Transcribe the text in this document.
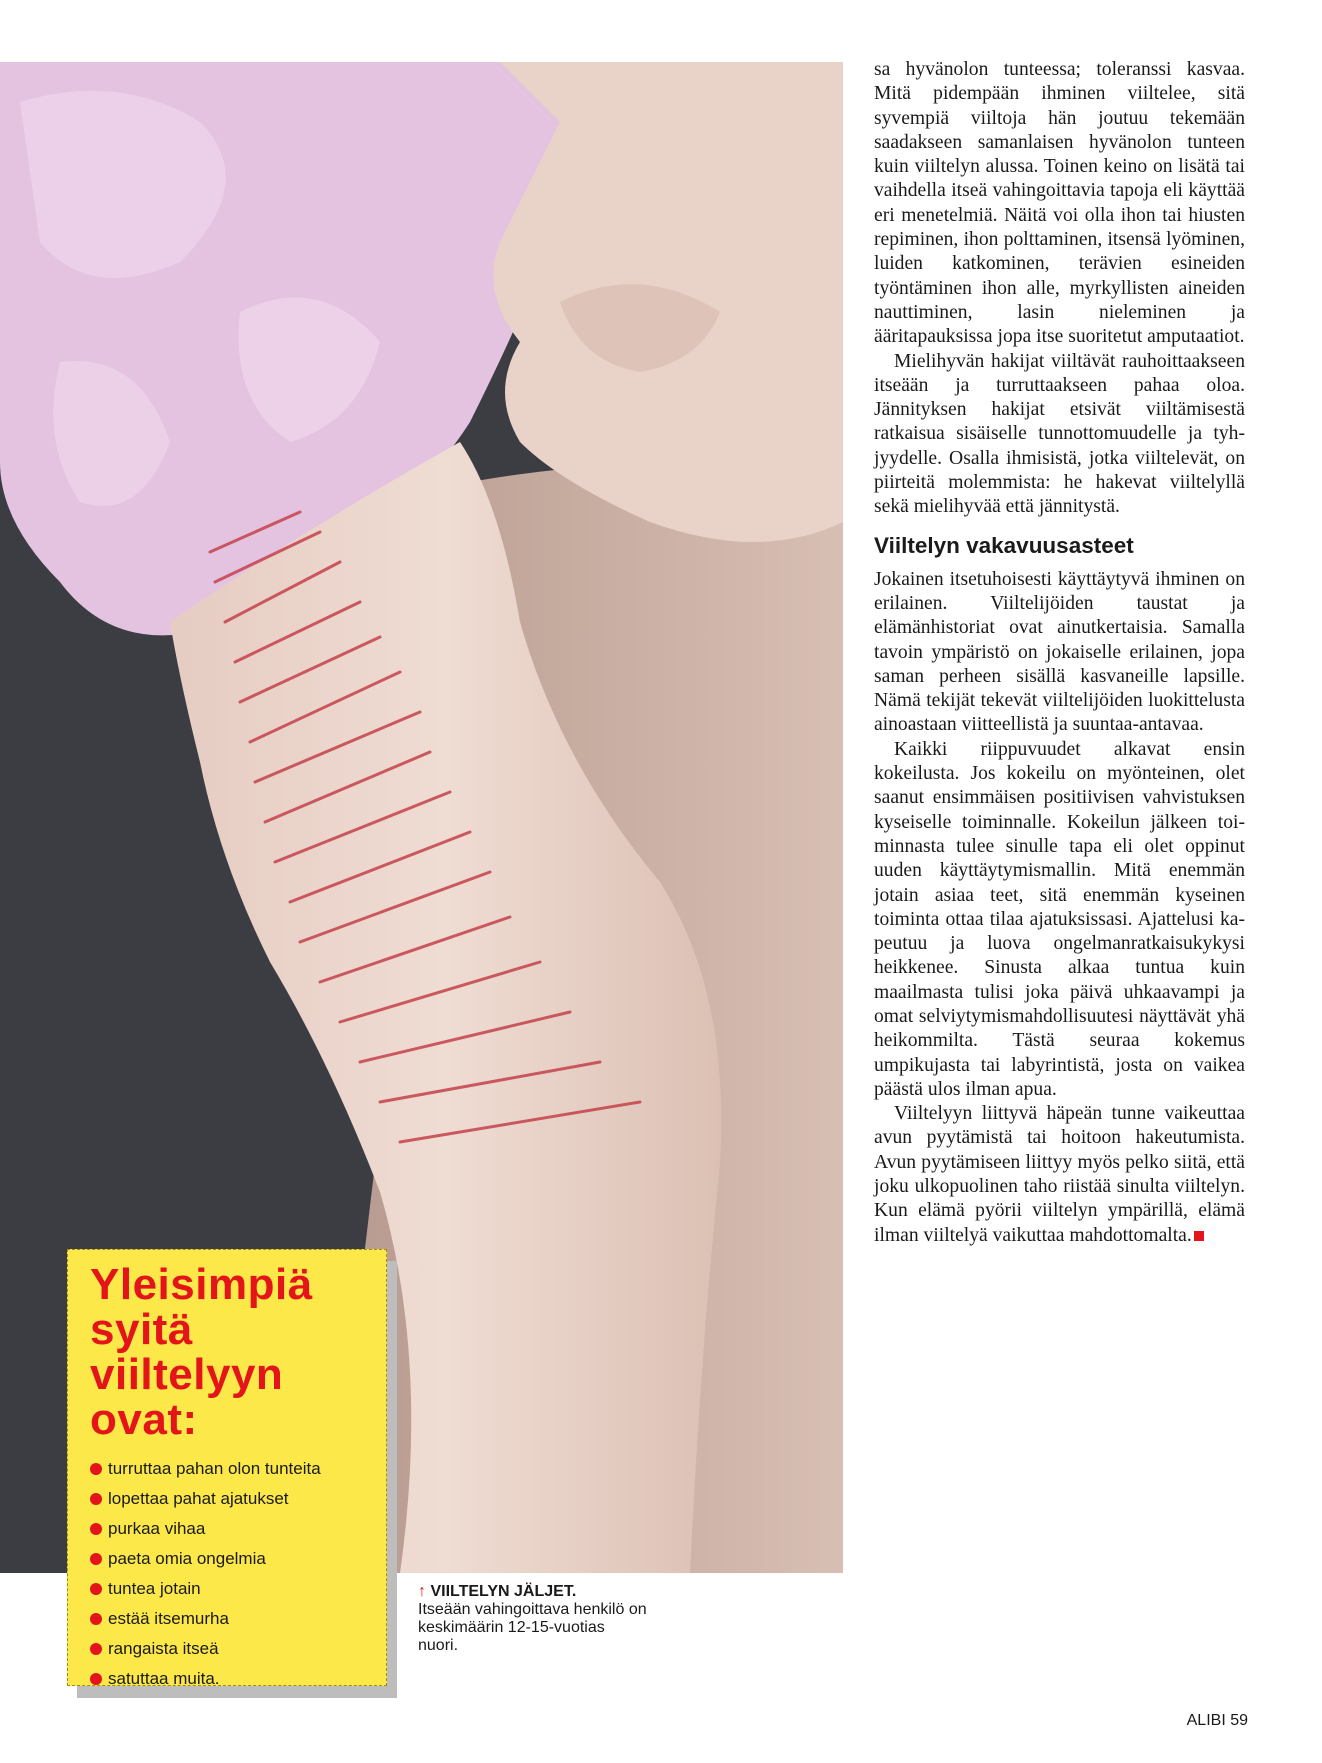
Yleisimpiä syitä viiltelyyn ovat:
turruttaa pahan olon tunteita
lopettaa pahat ajatukset
purkaa vihaa
paeta omia ongelmia
tuntea jotain
estää itsemurha
rangaista itseä
satuttaa muita.
↑ VIILTELYN JÄLJET.
Itseään vahingoittava henkilö on keskimäärin 12-15-vuotias nuori.

sa hyvänolon tunteessa; toleranssi kasvaa. Mitä pidempään ihminen viiltelee, sitä syvempiä viiltoja hän joutuu tekemään saadakseen samanlaisen hyvänolon tunteen kuin viiltelyn alussa. Toinen keino on lisätä tai vaihdella itseä vahingoittavia tapoja eli käyttää eri menetelmiä. Näitä voi olla ihon tai hiusten repiminen, ihon polttaminen, itsensä lyöminen, luiden katkominen, terävien esineiden työntäminen ihon alle, myrkyllisten aineiden nauttiminen, lasin nieleminen ja ääritapauksissa jopa itse suoritetut amputaatiot.

Mielihyvän hakijat viiltävät rauhoittaakseen itseään ja turruttaakseen pahaa oloa. Jännityksen hakijat etsivät viiltämisestä ratkaisua sisäiselle tunnottomuudelle ja tyhjyydelle. Osalla ihmisistä, jotka viiltelevät, on piirteitä molemmista: he hakevat viiltelyllä sekä mielihyvää että jännitystä.

Viiltelyn vakavuusasteet

Jokainen itsetuhoisesti käyttäytyvä ihminen on erilainen. Viiltelijöiden taustat ja elämänhistoriat ovat ainutkertaisia. Samalla tavoin ympäristö on jokaiselle erilainen, jopa saman perheen sisällä kasvaneille lapsille. Nämä tekijät tekevät viiltelijöiden luokittelusta ainoastaan viitteellistä ja suuntaa-antavaa.

Kaikki riippuvuudet alkavat ensin kokeilusta. Jos kokeilu on myönteinen, olet saanut ensimmäisen positiivisen vahvistuksen kyseiselle toiminnalle. Kokeilun jälkeen toiminnasta tulee sinulle tapa eli olet oppinut uuden käyttäytymismallin. Mitä enemmän jotain asiaa teet, sitä enemmän kyseinen toiminta ottaa tilaa ajatuksissasi. Ajattelusi kapeutuu ja luova ongelmanratkaisukykysi heikkenee. Sinusta alkaa tuntua kuin maailmasta tulisi joka päivä uhkaavampi ja omat selviytymismahdollisuutesi näyttävät yhä heikommilta. Tästä seuraa kokemus umpikujasta tai labyrintistä, josta on vaikea päästä ulos ilman apua.

Viiltelyyn liittyvä häpeän tunne vaikeuttaa avun pyytämistä tai hoitoon hakeutumista. Avun pyytämiseen liittyy myös pelko siitä, että joku ulkopuolinen taho riistää sinulta viiltelyn. Kun elämä pyörii viiltelyn ympärillä, elämä ilman viiltelyä vaikuttaa mahdottomalta.

ALIBI 59
